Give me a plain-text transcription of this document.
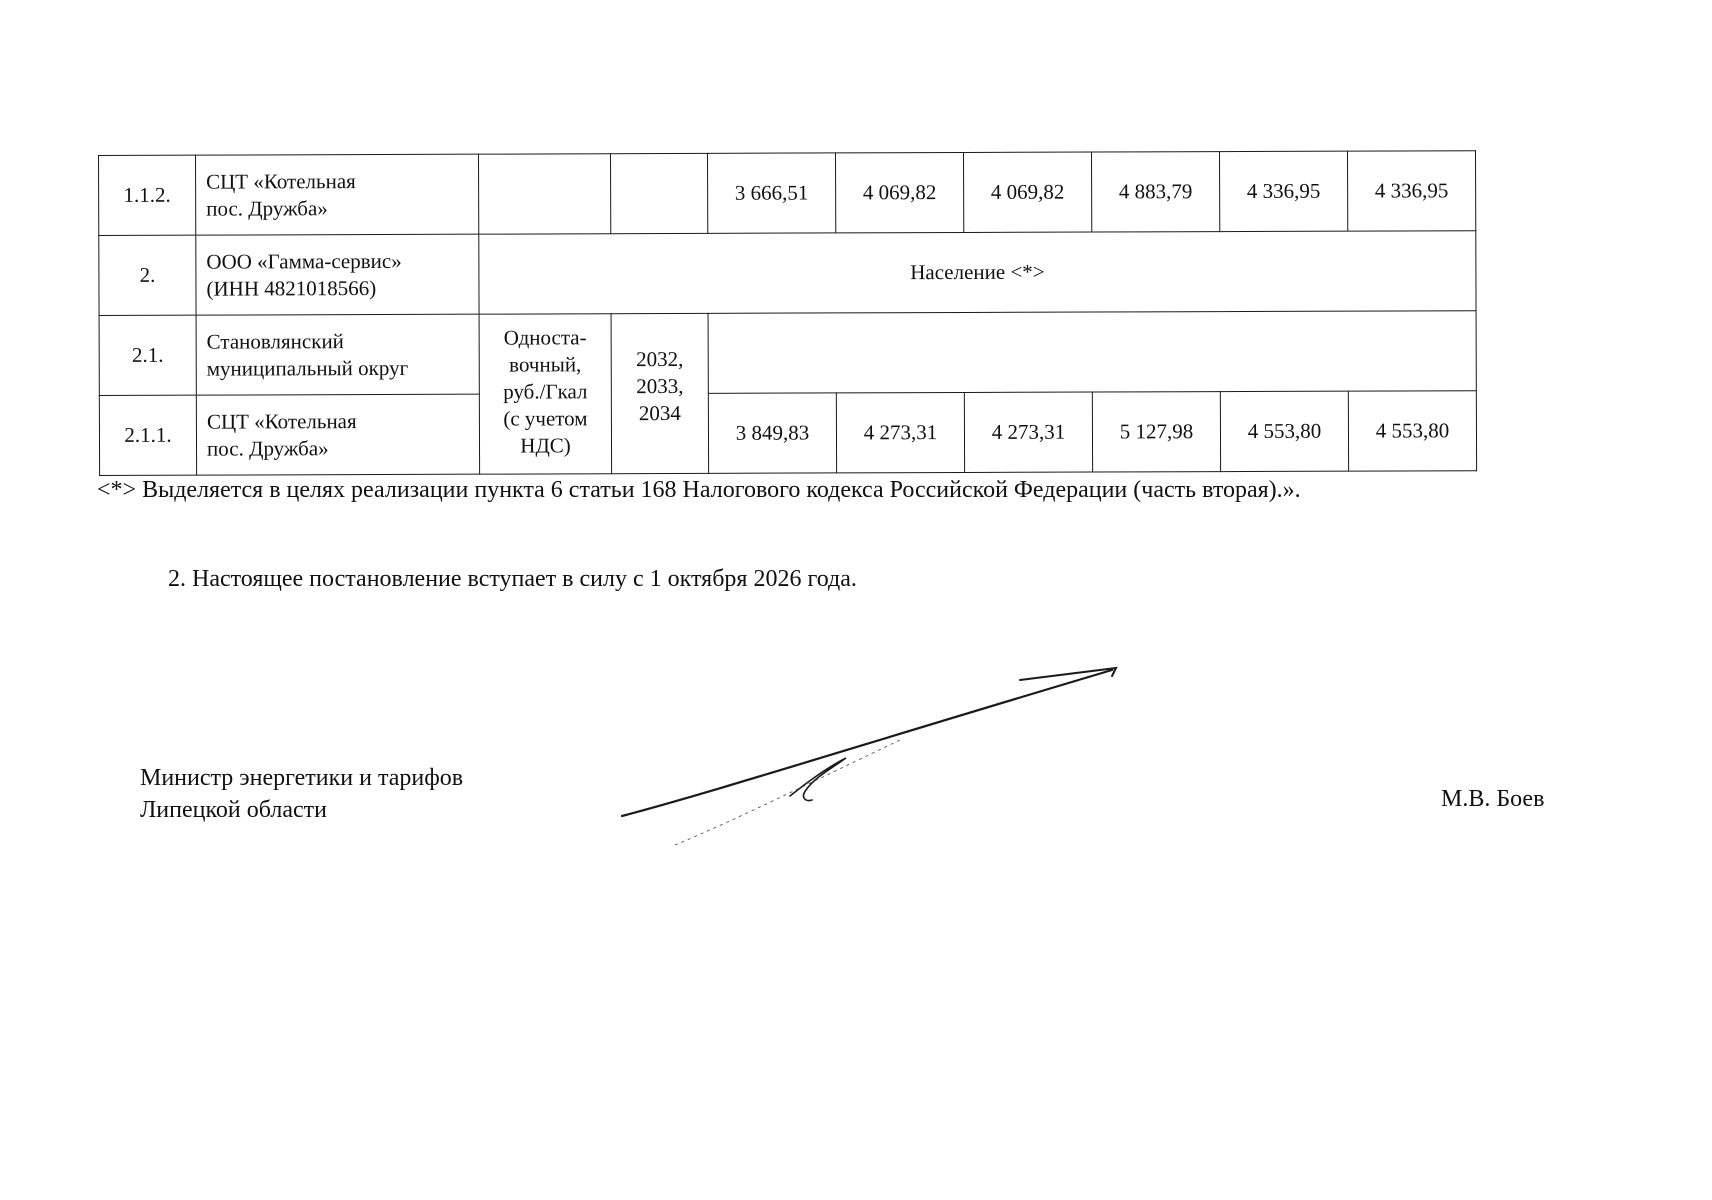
1.1.2.	СЦТ «Котельная
пос. Дружба»			3 666,51	4 069,82	4 069,82	4 883,79	4 336,95	4 336,95
2.	ООО «Гамма-сервис»
(ИНН 4821018566)	Население <*>							
2.1.	Становлянский
муниципальный округ	Односта-
вочный,
руб./Гкал
(с учетом
НДС)	2032,
2033,
2034						

2.1.1.	СЦТ «Котельная
пос. Дружба»			3 849,83	4 273,31	4 273,31	5 127,98	4 553,80	4 553,80
<*> Выделяется в целях реализации пункта 6 статьи 168 Налогового кодекса Российской Федерации (часть вторая).».
2. Настоящее постановление вступает в силу с 1 октября 2026 года.
Министр энергетики и тарифов
Липецкой области	М.В. Боев
